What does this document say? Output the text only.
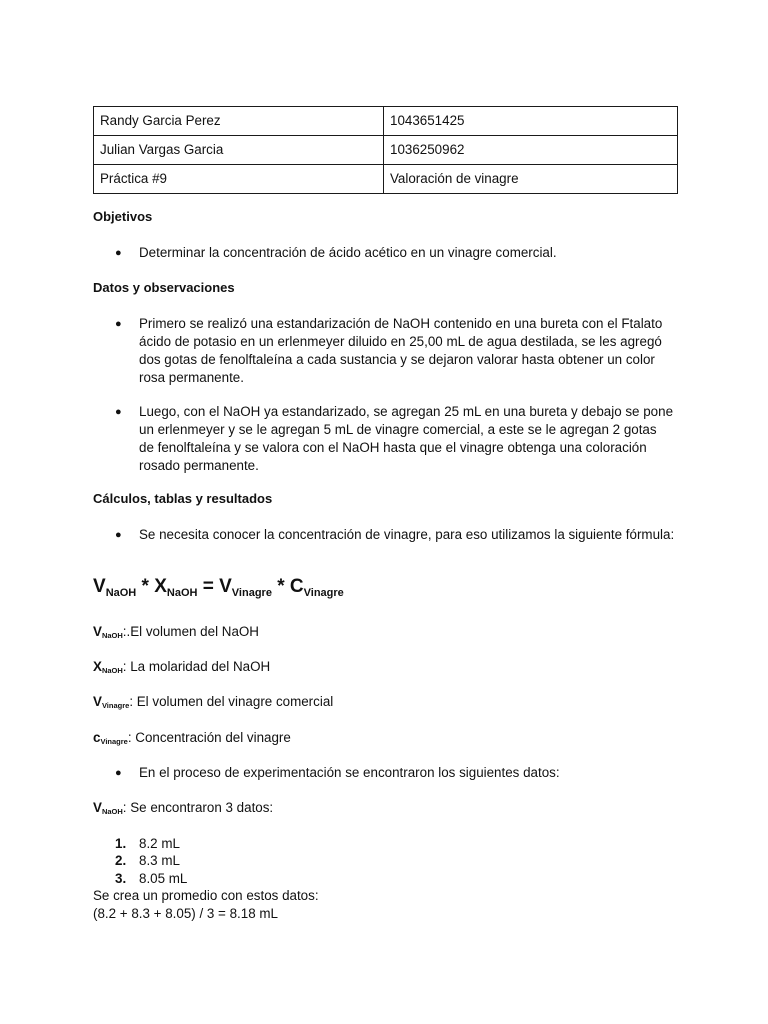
Randy Garcia Perez	1043651425
Julian Vargas Garcia	1036250962
Práctica #9	Valoración de vinagre
Objetivos
● Determinar la concentración de ácido acético en un vinagre comercial.
Datos y observaciones
● Primero se realizó una estandarización de NaOH contenido en una bureta con el Ftalato ácido de potasio en un erlenmeyer diluido en 25,00 mL de agua destilada, se les agregó dos gotas de fenolftaleína a cada sustancia y se dejaron valorar hasta obtener un color rosa permanente.
● Luego, con el NaOH ya estandarizado, se agregan 25 mL en una bureta y debajo se pone un erlenmeyer y se le agregan 5 mL de vinagre comercial, a este se le agregan 2 gotas de fenolftaleína y se valora con el NaOH hasta que el vinagre obtenga una coloración rosado permanente.
Cálculos, tablas y resultados
● Se necesita conocer la concentración de vinagre, para eso utilizamos la siguiente fórmula:
$V_{NaOH} * X_{NaOH} = V_{Vinagre} * C_{Vinagre}$
$V_{NaOH}:.El$ volumen del NaOH
$X_{NaOH}$: La molaridad del NaOH
$V_{Vinagre}$: El volumen del vinagre comercial
$c_{Vinagre}$: Concentración del vinagre
● En el proceso de experimentación se encontraron los siguientes datos:
$V_{NaOH}$: Se encontraron 3 datos:
1. 8.2 mL
2. 8.3 mL
3. 8.05 mL
Se crea un promedio con estos datos:
(8.2 + 8.3 + 8.05) / 3 = 8.18 mL
